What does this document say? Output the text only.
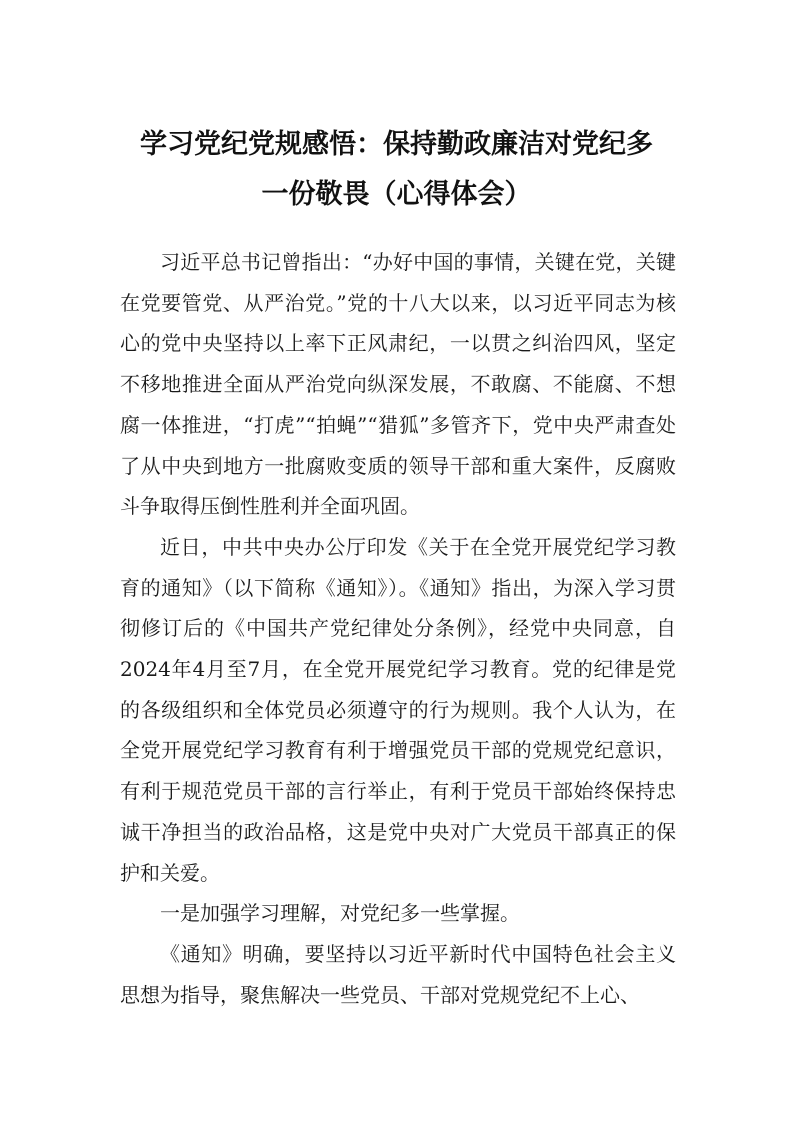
学习党纪党规感悟：保持勤政廉洁对党纪多
一份敬畏（心得体会）

习近平总书记曾指出：“办好中国的事情，关键在党，关键在党要管党、从严治党。”党的十八大以来，以习近平同志为核心的党中央坚持以上率下正风肃纪，一以贯之纠治四风，坚定不移地推进全面从严治党向纵深发展，不敢腐、不能腐、不想腐一体推进，“打虎”“拍蝇”“猎狐”多管齐下，党中央严肃查处了从中央到地方一批腐败变质的领导干部和重大案件，反腐败斗争取得压倒性胜利并全面巩固。

近日，中共中央办公厅印发《关于在全党开展党纪学习教育的通知》（以下简称《通知》）。《通知》指出，为深入学习贯彻修订后的《中国共产党纪律处分条例》，经党中央同意，自2024年4月至7月，在全党开展党纪学习教育。党的纪律是党的各级组织和全体党员必须遵守的行为规则。我个人认为，在全党开展党纪学习教育有利于增强党员干部的党规党纪意识，有利于规范党员干部的言行举止，有利于党员干部始终保持忠诚干净担当的政治品格，这是党中央对广大党员干部真正的保护和关爱。

一是加强学习理解，对党纪多一些掌握。

《通知》明确，要坚持以习近平新时代中国特色社会主义思想为指导，聚焦解决一些党员、干部对党规党纪不上心、
